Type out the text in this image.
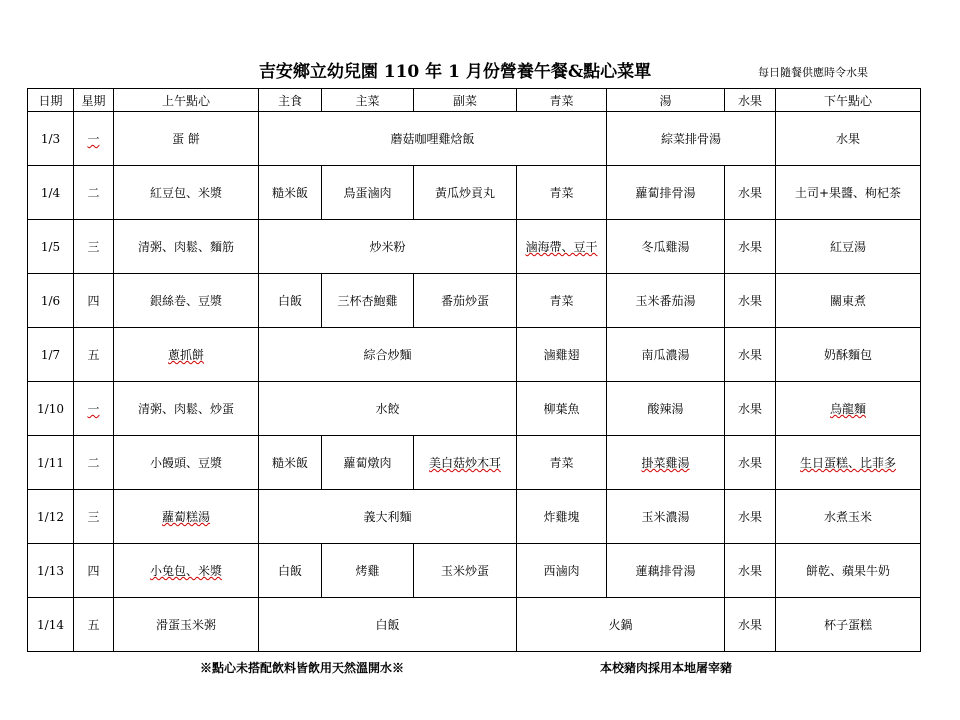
吉安鄉立幼兒園 110 年 1 月份營養午餐&點心菜單	每日隨餐供應時令水果
日期	星期	上午點心	主食	主菜	副菜	青菜	湯	水果	下午點心	
1/3	一	蛋 餅	蘑菇咖哩雞焓飯				綜菜排骨湯		水果	
1/4	二	紅豆包、米漿	糙米飯	鳥蛋滷肉	黃瓜炒貢丸	青菜	蘿蔔排骨湯	水果	土司+果醬、枸杞茶	
1/5	三	清粥、肉鬆、麵筋	炒米粉			滷海帶、豆干	冬瓜雞湯	水果	紅豆湯	
1/6	四	銀絲卷、豆漿	白飯	三杯杏鮑雞	番茄炒蛋	青菜	玉米番茄湯	水果	關東煮	
1/7	五	蔥抓餅	綜合炒麵			滷雞翅	南瓜濃湯	水果	奶酥麵包	
1/10	一	清粥、肉鬆、炒蛋	水餃			柳葉魚	酸辣湯	水果	烏龍麵	
1/11	二	小饅頭、豆漿	糙米飯	蘿蔔燉肉	美白菇炒木耳	青菜	掛菜雞湯	水果	生日蛋糕、比菲多	
1/12	三	蘿蔔糕湯	義大利麵			炸雞塊	玉米濃湯	水果	水煮玉米	
1/13	四	小兔包、米漿	白飯	烤雞	玉米炒蛋	西滷肉	蓮藕排骨湯	水果	餅乾、蘋果牛奶	
1/14	五	滑蛋玉米粥	白飯			火鍋		水果	杯子蛋糕	
※點心未搭配飲料皆飲用天然溫開水※	本校豬肉採用本地屠宰豬
